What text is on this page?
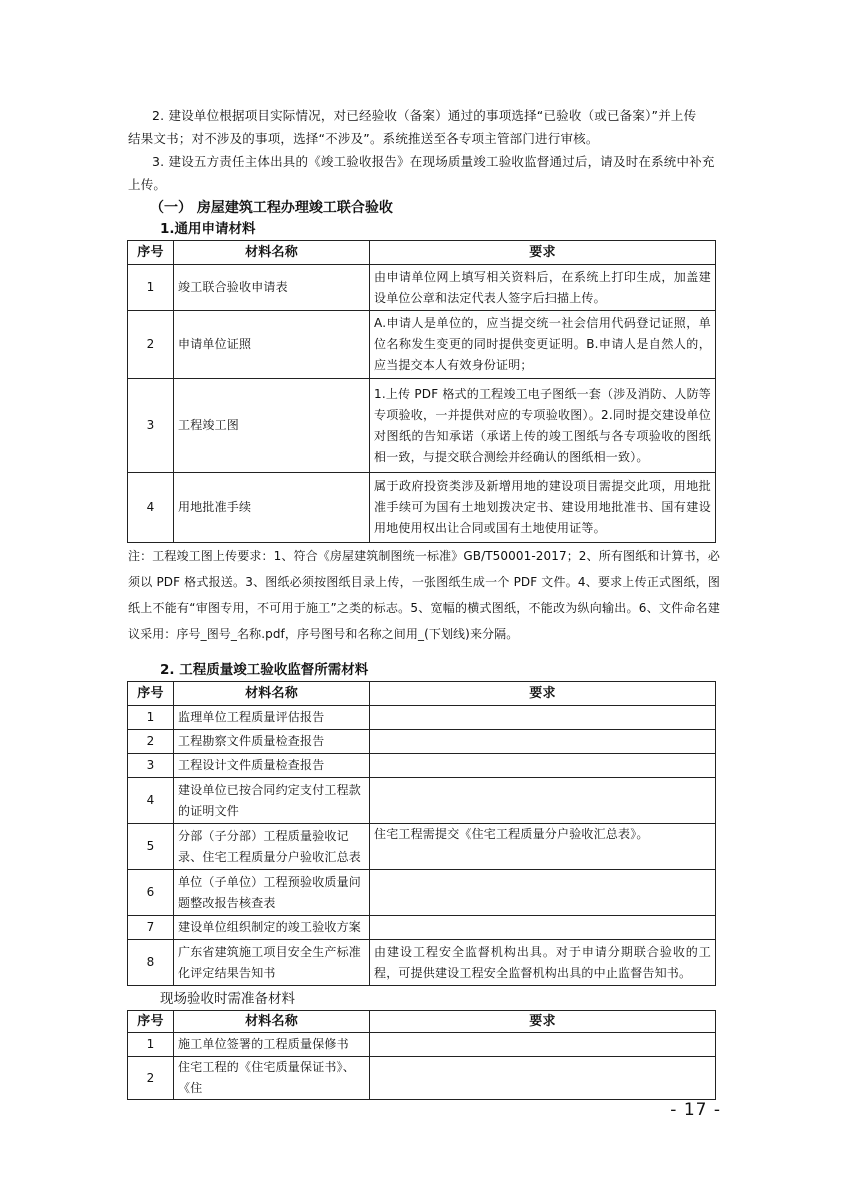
2. 建设单位根据项目实际情况，对已经验收（备案）通过的事项选择“已验收（或已备案）”并上传
结果文书；对不涉及的事项，选择“不涉及”。系统推送至各专项主管部门进行审核。
3. 建设五方责任主体出具的《竣工验收报告》在现场质量竣工验收监督通过后，请及时在系统中补充
上传。
（一） 房屋建筑工程办理竣工联合验收
1.通用申请材料
序号	材料名称	要求
1	竣工联合验收申请表	由申请单位网上填写相关资料后，在系统上打印生成，加盖建设单位公章和法定代表人签字后扫描上传。
2	申请单位证照	A.申请人是单位的，应当提交统一社会信用代码登记证照，单位名称发生变更的同时提供变更证明。B.申请人是自然人的，应当提交本人有效身份证明；
3	工程竣工图	1.上传 PDF 格式的工程竣工电子图纸一套（涉及消防、人防等专项验收，一并提供对应的专项验收图）。2.同时提交建设单位对图纸的告知承诺（承诺上传的竣工图纸与各专项验收的图纸相一致，与提交联合测绘并经确认的图纸相一致）。
4	用地批准手续	属于政府投资类涉及新增用地的建设项目需提交此项，用地批准手续可为国有土地划拨决定书、建设用地批准书、国有建设用地使用权出让合同或国有土地使用证等。
注：工程竣工图上传要求：1、符合《房屋建筑制图统一标准》GB/T50001-2017；2、所有图纸和计算书，必须以 PDF 格式报送。3、图纸必须按图纸目录上传，一张图纸生成一个 PDF 文件。4、要求上传正式图纸，图纸上不能有“审图专用，不可用于施工”之类的标志。5、宽幅的横式图纸，不能改为纵向输出。6、文件命名建议采用：序号_图号_名称.pdf，序号图号和名称之间用_(下划线)来分隔。
2. 工程质量竣工验收监督所需材料
序号	材料名称	要求
1	监理单位工程质量评估报告	
2	工程勘察文件质量检查报告	
3	工程设计文件质量检查报告	
4	建设单位已按合同约定支付工程款的证明文件	
5	分部（子分部）工程质量验收记录、住宅工程质量分户验收汇总表	住宅工程需提交《住宅工程质量分户验收汇总表》。
6	单位（子单位）工程预验收质量问题整改报告核查表	
7	建设单位组织制定的竣工验收方案	
8	广东省建筑施工项目安全生产标准化评定结果告知书	由建设工程安全监督机构出具。对于申请分期联合验收的工程，可提供建设工程安全监督机构出具的中止监督告知书。
现场验收时需准备材料
序号	材料名称	要求
1	施工单位签署的工程质量保修书	
2	住宅工程的《住宅质量保证书》、《住	
- 17 -
